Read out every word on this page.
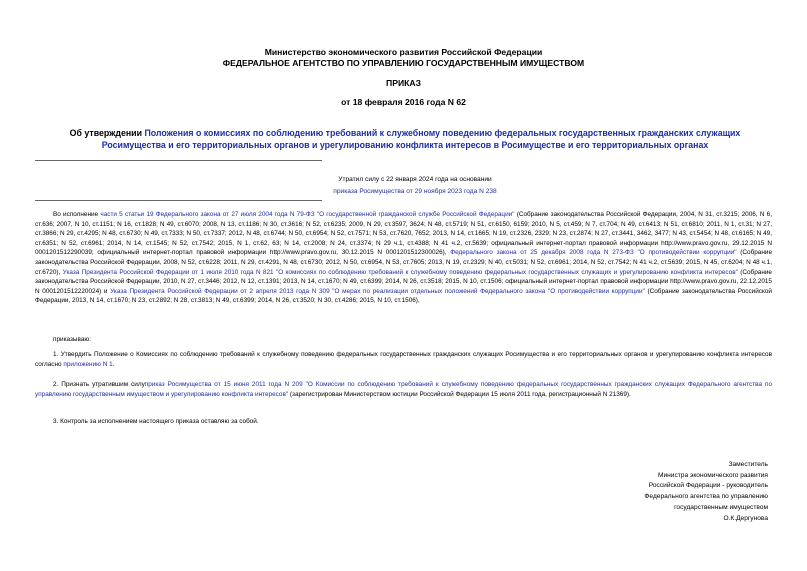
Министерство экономического развития Российской Федерации
ФЕДЕРАЛЬНОЕ АГЕНТСТВО ПО УПРАВЛЕНИЮ ГОСУДАРСТВЕННЫМ ИМУЩЕСТВОМ
ПРИКАЗ
от 18 февраля 2016 года N 62
Об утверждении Положения о комиссиях по соблюдению требований к служебному поведению федеральных государственных гражданских служащих Росимущества и его территориальных органов и урегулированию конфликта интересов в Росимуществе и его территориальных органах
Утратил силу с 22 января 2024 года на основании
приказа Росимущества от 29 ноября 2023 года N 238

Во исполнение части 5 статьи 19 Федерального закона от 27 июля 2004 года N 79-ФЗ "О государственной гражданской службе Российской Федерации" (Собрание законодательства Российской Федерации, 2004, N 31, ст.3215; 2006, N 6, ст.636; 2007, N 10, ст.1151; N 16, ст.1828; N 49, ст.6070; 2008, N 13, ст.1186; N 30, ст.3616; N 52, ст.6235; 2009, N 29, ст.3597, 3624; N 48, ст.5719; N 51, ст.6150, 6159; 2010, N 5, ст.459; N 7, ст.704; N 49, ст.6413; N 51, ст.6810; 2011, N 1, ст.31; N 27, ст.3866; N 29, ст.4295; N 48, ст.6730; N 49, ст.7333; N 50, ст.7337; 2012, N 48, ст.6744; N 50, ст.6954; N 52, ст.7571; N 53, ст.7620, 7652; 2013, N 14, ст.1665; N 19, ст.2326, 2329; N 23, ст.2874; N 27, ст.3441, 3462, 3477; N 43, ст.5454; N 48, ст.6165; N 49, ст.6351; N 52, ст.6961; 2014, N 14, ст.1545; N 52, ст.7542; 2015, N 1, ст.62, 63; N 14, ст.2008; N 24, ст.3374; N 29 ч.1, ст.4388; N 41 ч.2, ст.5639; официальный интернет-портал правовой информации http://www.pravo.gov.ru, 29.12.2015 N 0001201512290039; официальный интернет-портал правовой информации http://www.pravo.gov.ru, 30.12.2015 N 0001201512300026), Федерального закона от 25 декабря 2008 года N 273-ФЗ "О противодействии коррупции" (Собрание законодательства Российской Федерации, 2008, N 52, ст.6228; 2011, N 29, ст.4291, N 48, ст.6730; 2012, N 50, ст.6954, N 53, ст.7605; 2013, N 19, ст.2329; N 40, ст.5031; N 52, ст.6961; 2014, N 52, ст.7542; N 41 ч.2, ст.5639; 2015, N 45, ст.6204; N 48 ч.1, ст.6720), Указа Президента Российской Федерации от 1 июля 2010 года N 821 "О комиссиях по соблюдению требований к служебному поведению федеральных государственных служащих и урегулированию конфликта интересов" (Собрание законодательства Российской Федерации, 2010, N 27, ст.3446; 2012, N 12, ст.1391; 2013, N 14, ст.1670; N 49, ст.6399; 2014, N 26, ст.3518; 2015, N 10, ст.1506; официальный интернет-портал правовой информации http://www.pravo.gov.ru, 22.12.2015 N 0001201512220024) и Указа Президента Российской Федерации от 2 апреля 2013 года N 309 "О мерах по реализации отдельных положений Федерального закона "О противодействии коррупции" (Собрание законодательства Российской Федерации, 2013, N 14, ст.1670; N 23, ст.2892; N 28, ст.3813; N 49, ст.6399; 2014, N 26, ст.3520; N 30, ст.4286; 2015, N 10, ст.1506),

приказываю:

1. Утвердить Положение о Комиссиях по соблюдению требований к служебному поведению федеральных государственных гражданских служащих Росимущества и его территориальных органов и урегулированию конфликта интересов согласно приложению N 1.

2. Признать утратившим силуприказ Росимущества от 15 июня 2011 года N 209 "О Комиссии по соблюдению требований к служебному поведению федеральных государственных гражданских служащих Федерального агентства по управлению государственным имуществом и урегулированию конфликта интересов" (зарегистрирован Министерством юстиции Российской Федерации 15 июля 2011 года, регистрационный N 21369).

3. Контроль за исполнением настоящего приказа оставляю за собой.

Заместитель
Министра экономического развития
Российской Федерации - руководитель
Федерального агентства по управлению
государственным имуществом
О.К.Дергунова
